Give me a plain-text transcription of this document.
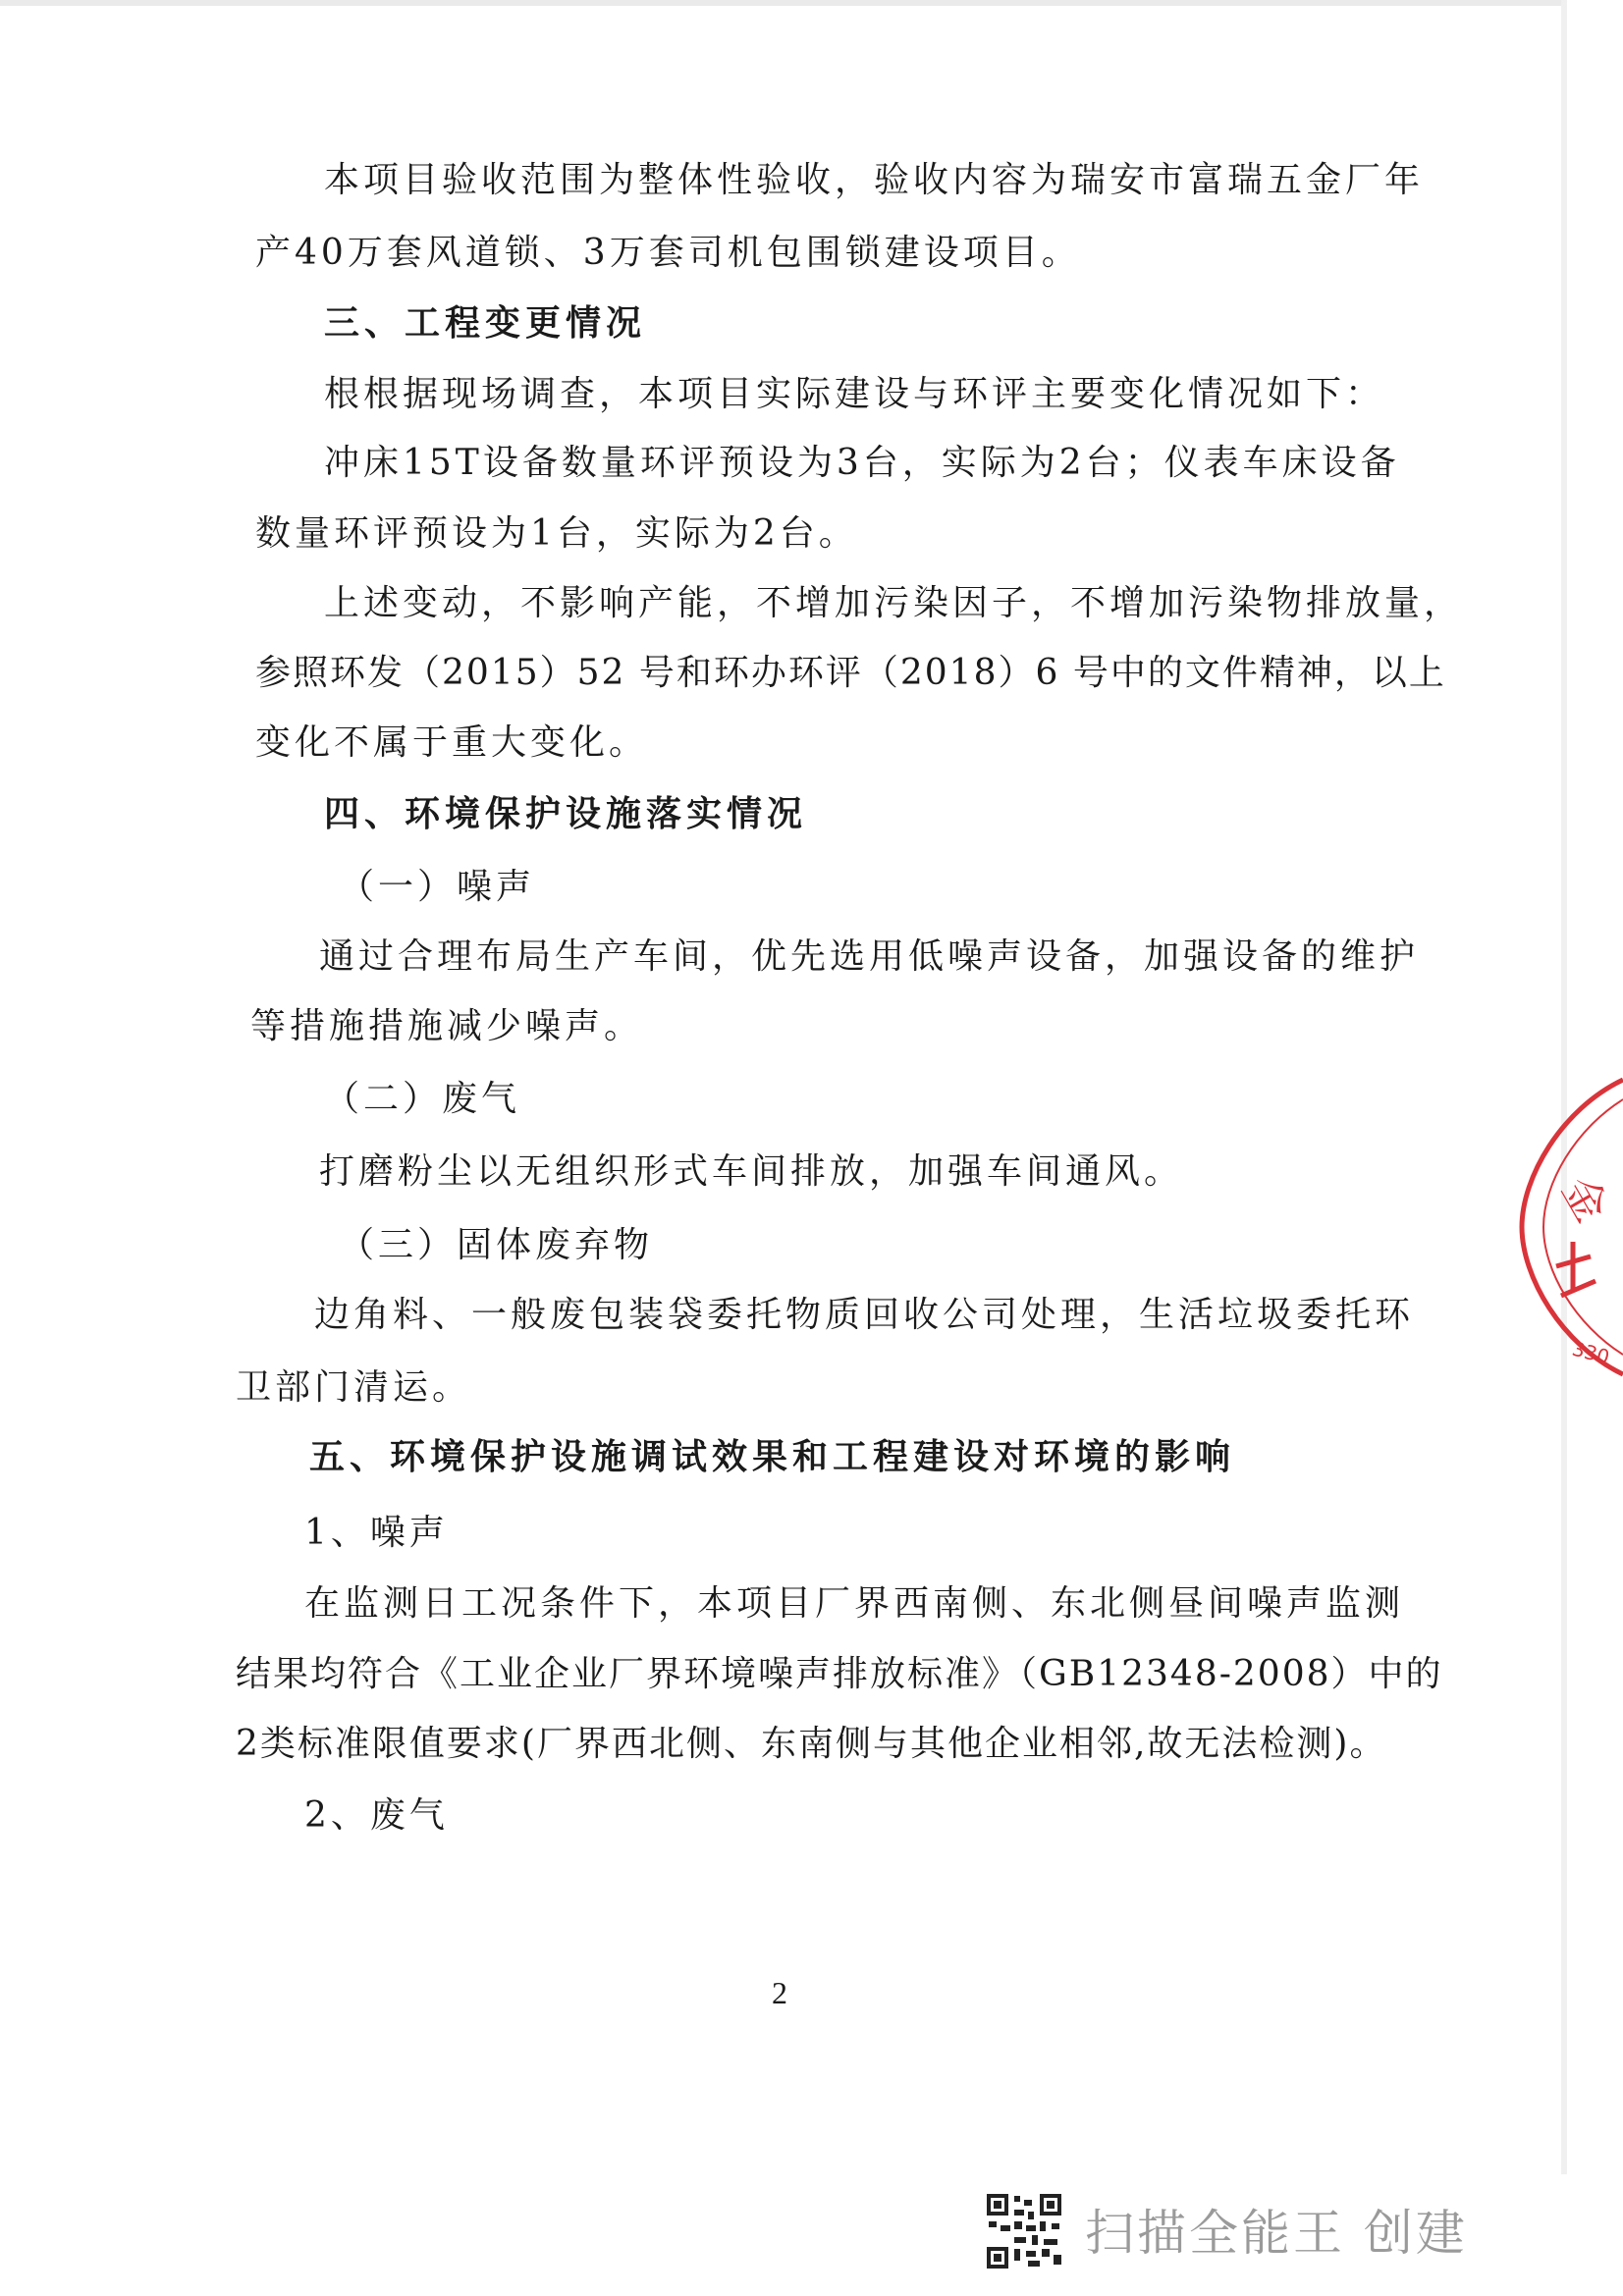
本项目验收范围为整体性验收，验收内容为瑞安市富瑞五金厂年
产40万套风道锁、3万套司机包围锁建设项目。
三、工程变更情况
根根据现场调查，本项目实际建设与环评主要变化情况如下：
冲床15T设备数量环评预设为3台，实际为2台；仪表车床设备
数量环评预设为1台，实际为2台。
上述变动，不影响产能，不增加污染因子，不增加污染物排放量，
参照环发（2015）52 号和环办环评（2018）6 号中的文件精神，以上
变化不属于重大变化。
四、环境保护设施落实情况
（一）噪声
通过合理布局生产车间，优先选用低噪声设备，加强设备的维护
等措施措施减少噪声。
（二）废气
打磨粉尘以无组织形式车间排放，加强车间通风。
（三）固体废弃物
边角料、一般废包装袋委托物质回收公司处理，生活垃圾委托环
卫部门清运。
五、环境保护设施调试效果和工程建设对环境的影响
1、噪声
在监测日工况条件下，本项目厂界西南侧、东北侧昼间噪声监测
结果均符合《工业企业厂界环境噪声排放标准》（GB12348-2008）中的
2类标准限值要求(厂界西北侧、东南侧与其他企业相邻,故无法检测)。
2、废气
2
金
330
扫描全能王 创建
